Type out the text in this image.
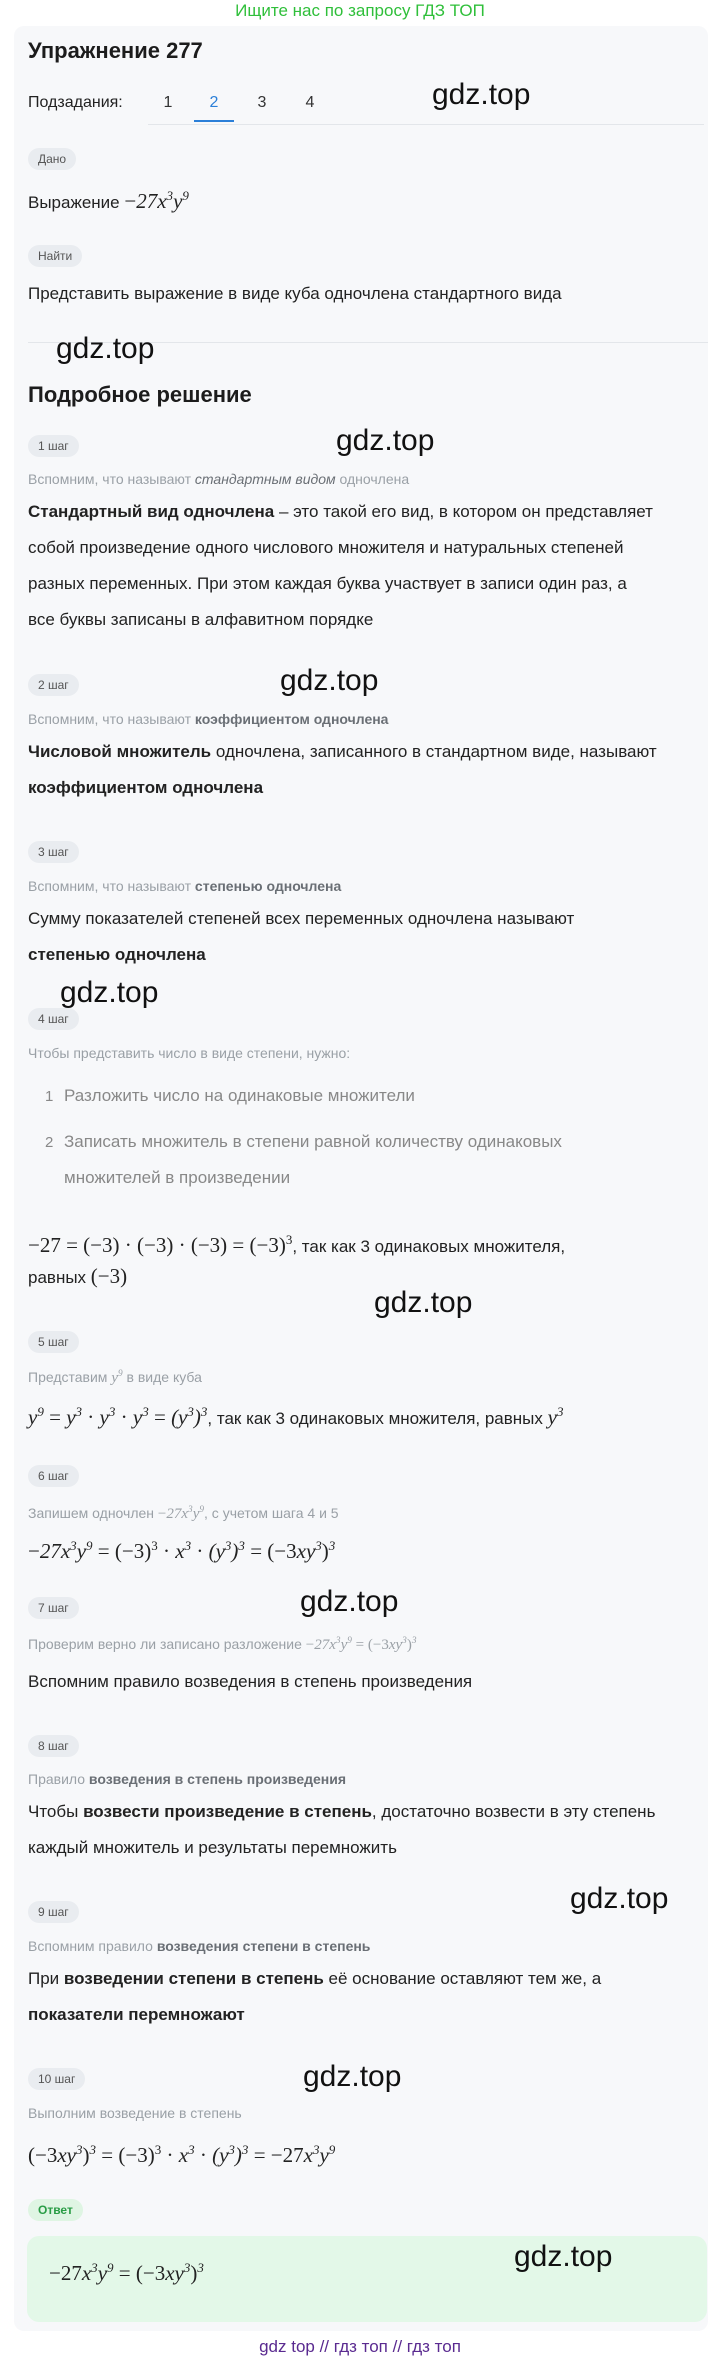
Ищите нас по запросу ГДЗ ТОП
Упражнение 277
Подзадания:	1	2	3	4
Дано
Выражение $-27x^3y^9$
Найти
Представить выражение в виде куба одночлена стандартного вида
Подробное решение
1 шаг
Вспомним, что называют стандартным видом одночлена
Стандартный вид одночлена – это такой его вид, в котором он представляет
собой произведение одного числового множителя и натуральных степеней
разных переменных. При этом каждая буква участвует в записи один раз, а
все буквы записаны в алфавитном порядке
2 шаг
Вспомним, что называют коэффициентом одночлена
Числовой множитель одночлена, записанного в стандартном виде, называют
коэффициентом одночлена
3 шаг
Вспомним, что называют степенью одночлена
Сумму показателей степеней всех переменных одночлена называют
степенью одночлена
4 шаг
Чтобы представить число в виде степени, нужно:
1 Разложить число на одинаковые множители
2 Записать множитель в степени равной количеству одинаковых
множителей в произведении
$-27 = (-3) \cdot (-3) \cdot (-3) = (-3)^3$, так как 3 одинаковых множителя,
равных (−3)
5 шаг
Представим $y^9$ в виде куба
$y^9 = y^3 \cdot y^3 \cdot y^3 = (y^3)^3$, так как 3 одинаковых множителя, равных $y^3$
6 шаг
Запишем одночлен $-27x^3y^9$, с учетом шага 4 и 5
$-27x^3y^9 = (-3)^3 \cdot x^3 \cdot (y^3)^3 = (-3xy^3)^3$
7 шаг
Проверим верно ли записано разложение $-27x^3y^9 = (-3xy^3)^3$
Вспомним правило возведения в степень произведения
8 шаг
Правило возведения в степень произведения
Чтобы возвести произведение в степень, достаточно возвести в эту степень
каждый множитель и результаты перемножить
9 шаг
Вспомним правило возведения степени в степень
При возведении степени в степень её основание оставляют тем же, а
показатели перемножают
10 шаг
Выполним возведение в степень
$(-3xy^3)^3 = (-3)^3 \cdot x^3 \cdot (y^3)^3 = -27x^3y^9$
Ответ
$-27x^3y^9 = (-3xy^3)^3$
gdz.top
gdz.top
gdz.top
gdz.top
gdz.top
gdz.top
gdz.top
gdz.top
gdz.top
gdz.top
gdz top // гдз топ // гдз топ
